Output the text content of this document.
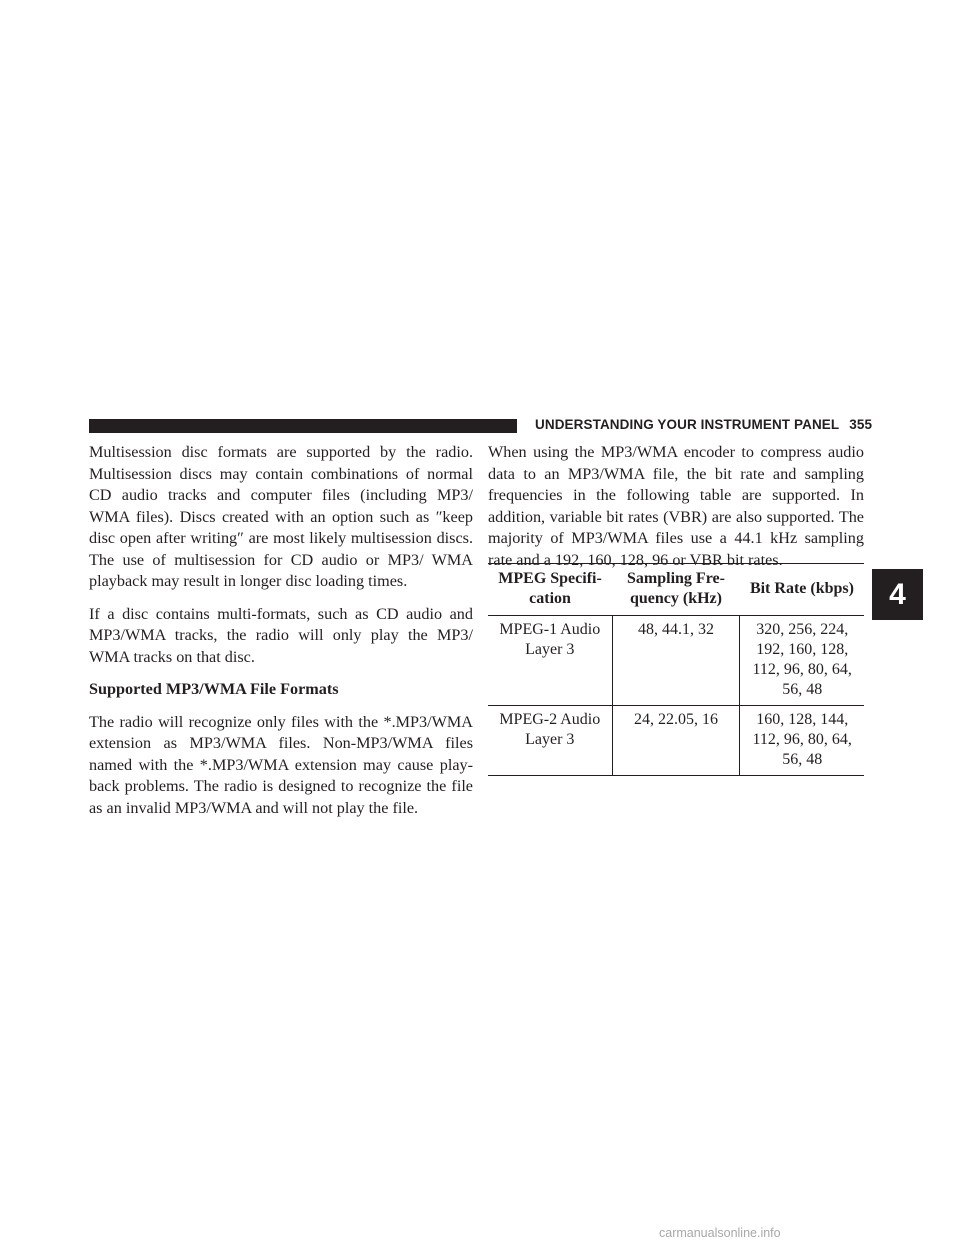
UNDERSTANDING YOUR INSTRUMENT PANEL 355

Multisession disc formats are supported by the radio. Multisession discs may contain combinations of normal CD audio tracks and computer files (including MP3/ WMA files). Discs created with an option such as ″keep disc open after writing″ are most likely multisession discs. The use of multisession for CD audio or MP3/ WMA playback may result in longer disc loading times.

If a disc contains multi-formats, such as CD audio and MP3/WMA tracks, the radio will only play the MP3/ WMA tracks on that disc.

Supported MP3/WMA File Formats

The radio will recognize only files with the *.MP3/WMA extension as MP3/WMA files. Non-MP3/WMA files named with the *.MP3/WMA extension may cause play- back problems. The radio is designed to recognize the file as an invalid MP3/WMA and will not play the file.

When using the MP3/WMA encoder to compress audio data to an MP3/WMA file, the bit rate and sampling frequencies in the following table are supported. In addition, variable bit rates (VBR) are also supported. The majority of MP3/WMA files use a 44.1 kHz sampling rate and a 192, 160, 128, 96 or VBR bit rates.

MPEG Specifi- cation	Sampling Fre- quency (kHz)	Bit Rate (kbps)
MPEG-1 Audio Layer 3	48, 44.1, 32	320, 256, 224, 192, 160, 128, 112, 96, 80, 64, 56, 48
MPEG-2 Audio Layer 3	24, 22.05, 16	160, 128, 144, 112, 96, 80, 64, 56, 48
4
carmanualsonline.info
